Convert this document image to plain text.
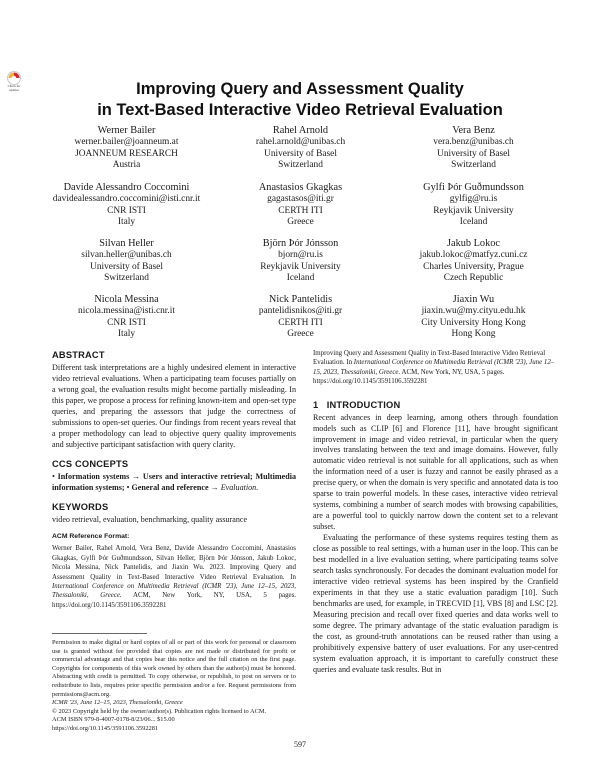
Check for updates	Improving Query and Assessment Quality
in Text-Based Interactive Video Retrieval Evaluation
Werner Bailer
werner.bailer@joanneum.at
JOANNEUM RESEARCH
Austria
Rahel Arnold
rahel.arnold@unibas.ch
University of Basel
Switzerland
Vera Benz
vera.benz@unibas.ch
University of Basel
Switzerland
Davide Alessandro Coccomini
davidealessandro.coccomini@isti.cnr.it
CNR ISTI
Italy
Anastasios Gkagkas
gagastasos@iti.gr
CERTH ITI
Greece
Gylfi Þór Guðmundsson
gylfig@ru.is
Reykjavik University
Iceland
Silvan Heller
silvan.heller@unibas.ch
University of Basel
Switzerland
Björn Þór Jónsson
bjorn@ru.is
Reykjavik University
Iceland
Jakub Lokoc
jakub.lokoc@matfyz.cuni.cz
Charles University, Prague
Czech Republic
Nicola Messina
nicola.messina@isti.cnr.it
CNR ISTI
Italy
Nick Pantelidis
pantelidisnikos@iti.gr
CERTH ITI
Greece
Jiaxin Wu
jiaxin.wu@my.cityu.edu.hk
City University Hong Kong
Hong Kong
ABSTRACT

Different task interpretations are a highly undesired element in interactive video retrieval evaluations. When a participating team focuses partially on a wrong goal, the evaluation results might become partially misleading. In this paper, we propose a process for refining known-item and open-set type queries, and preparing the assessors that judge the correctness of submissions to open-set queries. Our findings from recent years reveal that a proper methodology can lead to objective query quality improvements and subjective participant satisfaction with query clarity.

CCS CONCEPTS

• Information systems → Users and interactive retrieval; Multimedia information systems; • General and reference → Evaluation.

KEYWORDS

video retrieval, evaluation, benchmarking, quality assurance

ACM Reference Format:

Werner Bailer, Rahel Arnold, Vera Benz, Davide Alessandro Coccomini, Anastasios Gkagkas, Gylfi Þór Guðmundsson, Silvan Heller, Björn Þór Jónsson, Jakub Lokoc, Nicola Messina, Nick Pantelidis, and Jiaxin Wu. 2023. Improving Query and Assessment Quality in Text-Based Interactive Video Retrieval Evaluation. In International Conference on Multimedia Retrieval (ICMR '23), June 12–15, 2023, Thessaloniki, Greece. ACM, New York, NY, USA, 5 pages. https://doi.org/10.1145/3591106.3592281

Permission to make digital or hard copies of all or part of this work for personal or classroom use is granted without fee provided that copies are not made or distributed for profit or commercial advantage and that copies bear this notice and the full citation on the first page. Copyrights for components of this work owned by others than the author(s) must be honored. Abstracting with credit is permitted. To copy otherwise, or republish, to post on servers or to redistribute to lists, requires prior specific permission and/or a fee. Request permissions from permissions@acm.org.

ICMR '23, June 12–15, 2023, Thessaloniki, Greece

© 2023 Copyright held by the owner/author(s). Publication rights licensed to ACM.

ACM ISBN 979-8-4007-0178-8/23/06... $15.00

https://doi.org/10.1145/3591106.3592281

Improving Query and Assessment Quality in Text-Based Interactive Video Retrieval Evaluation. In International Conference on Multimedia Retrieval (ICMR '23), June 12–15, 2023, Thessaloniki, Greece. ACM, New York, NY, USA, 5 pages. https://doi.org/10.1145/3591106.3592281

1   INTRODUCTION

Recent advances in deep learning, among others through foundation models such as CLIP [6] and Florence [11], have brought significant improvement in image and video retrieval, in particular when the query involves translating between the text and image domains. However, fully automatic video retrieval is not suitable for all applications, such as when the information need of a user is fuzzy and cannot be easily phrased as a precise query, or when the domain is very specific and annotated data is too sparse to train powerful models. In these cases, interactive video retrieval systems, combining a number of search modes with browsing capabilities, are a powerful tool to quickly narrow down the content set to a relevant subset.

Evaluating the performance of these systems requires testing them as close as possible to real settings, with a human user in the loop. This can be best modelled in a live evaluation setting, where participating teams solve search tasks synchronously. For decades the dominant evaluation model for interactive video retrieval systems has been inspired by the Cranfield experiments in that they use a static evaluation paradigm [10]. Such benchmarks are used, for example, in TRECVID [1], VBS [8] and LSC [2]. Measuring precision and recall over fixed queries and data works well to some degree. The primary advantage of the static evaluation paradigm is the cost, as ground-truth annotations can be reused rather than using a prohibitively expensive battery of user evaluations. For any user-centred system evaluation approach, it is important to carefully construct these queries and evaluate task results. But in

597
